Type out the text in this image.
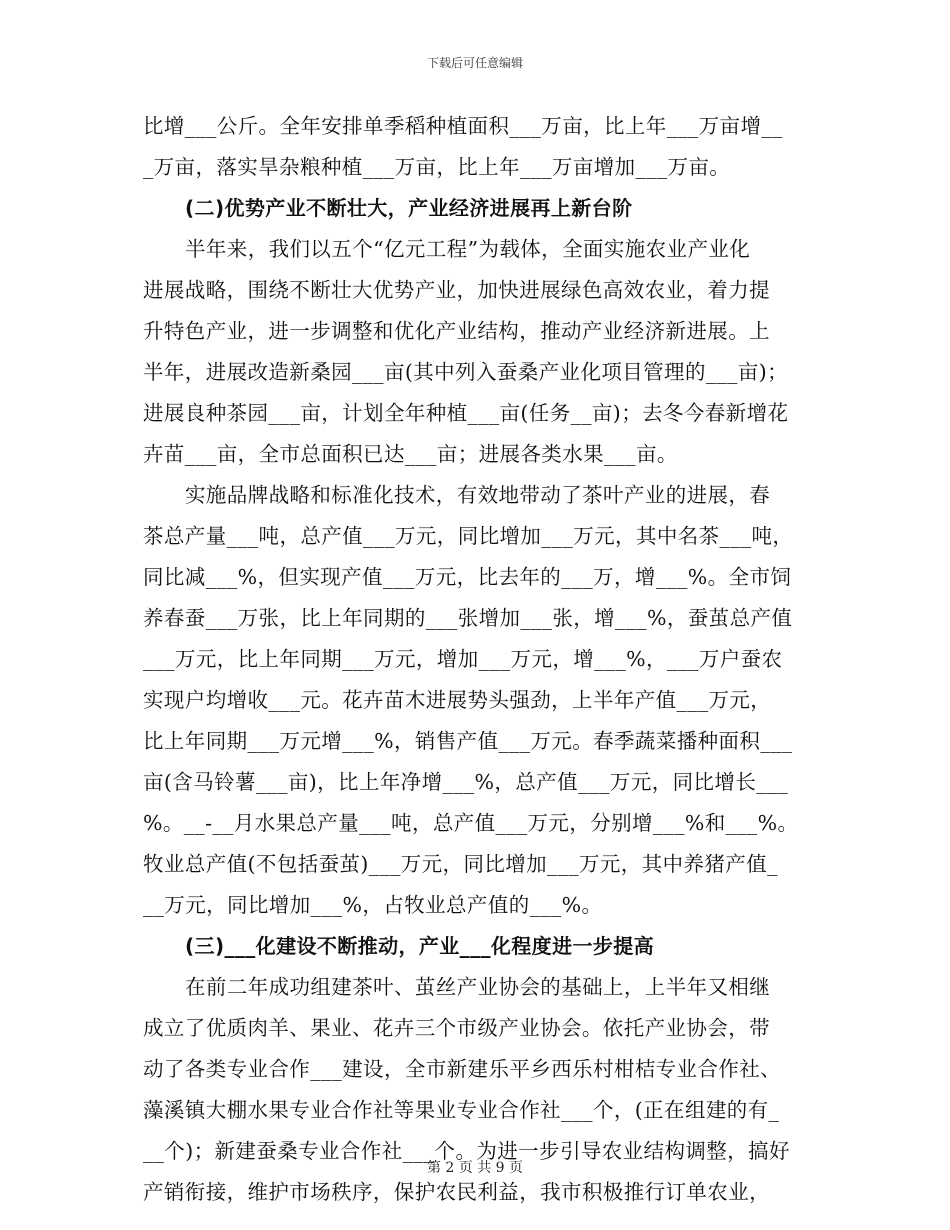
下载后可任意编辑
比增___公斤。全年安排单季稻种植面积___万亩，比上年___万亩增__
_万亩，落实旱杂粮种植___万亩，比上年___万亩增加___万亩。
(二)优势产业不断壮大，产业经济进展再上新台阶
半年来，我们以五个“亿元工程”为载体，全面实施农业产业化
进展战略，围绕不断壮大优势产业，加快进展绿色高效农业，着力提
升特色产业，进一步调整和优化产业结构，推动产业经济新进展。上
半年，进展改造新桑园___亩(其中列入蚕桑产业化项目管理的___亩)；
进展良种茶园___亩，计划全年种植___亩(任务__亩)；去冬今春新增花
卉苗___亩，全市总面积已达___亩；进展各类水果___亩。
实施品牌战略和标准化技术，有效地带动了茶叶产业的进展，春
茶总产量___吨，总产值___万元，同比增加___万元，其中名茶___吨，
同比减___%，但实现产值___万元，比去年的___万，增___%。全市饲
养春蚕___万张，比上年同期的___张增加___张，增___%，蚕茧总产值
___万元，比上年同期___万元，增加___万元，增___%，___万户蚕农
实现户均增收___元。花卉苗木进展势头强劲，上半年产值___万元，
比上年同期___万元增___%，销售产值___万元。春季蔬菜播种面积___
亩(含马铃薯___亩)，比上年净增___%，总产值___万元，同比增长___
%。__-__月水果总产量___吨，总产值___万元，分别增___%和___%。
牧业总产值(不包括蚕茧)___万元，同比增加___万元，其中养猪产值_
__万元，同比增加___%，占牧业总产值的___%。
(三)___化建设不断推动，产业___化程度进一步提高
在前二年成功组建茶叶、茧丝产业协会的基础上，上半年又相继
成立了优质肉羊、果业、花卉三个市级产业协会。依托产业协会，带
动了各类专业合作___建设，全市新建乐平乡西乐村柑桔专业合作社、
藻溪镇大棚水果专业合作社等果业专业合作社___个，(正在组建的有_
__个)；新建蚕桑专业合作社___个。为进一步引导农业结构调整，搞好
产销衔接，维护市场秩序，保护农民利益，我市积极推行订单农业，
第 2 页 共 9 页
